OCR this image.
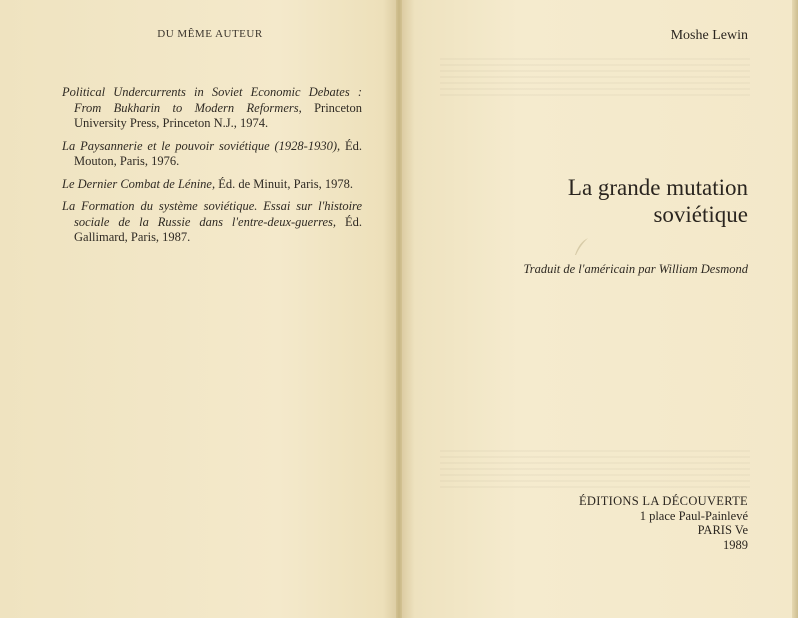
DU MÊME AUTEUR

Political Undercurrents in Soviet Economic Debates : From Bukharin to Modern Reformers, Princeton University Press, Princeton N.J., 1974.

La Paysannerie et le pouvoir soviétique (1928-1930), Éd. Mouton, Paris, 1976.

Le Dernier Combat de Lénine, Éd. de Minuit, Paris, 1978.

La Formation du système soviétique. Essai sur l'histoire sociale de la Russie dans l'entre-deux-guerres, Éd. Gallimard, Paris, 1987.

Moshe Lewin
La grande mutation
soviétique
Traduit de l'américain par William Desmond
ÉDITIONS LA DÉCOUVERTE
1 place Paul-Painlevé
PARIS Ve
1989
